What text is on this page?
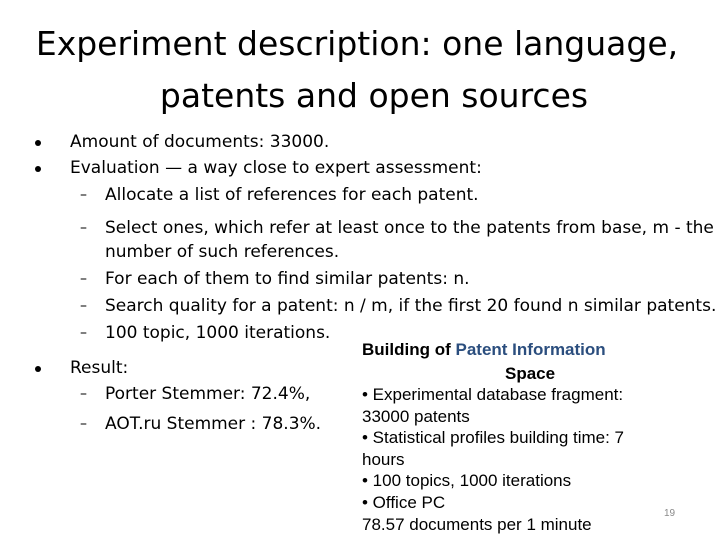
Experiment description: one language,
patents and open sources
Amount of documents: 33000.
Evaluation — a way close to expert assessment:
– Allocate a list of references for each patent.
– Select ones, which refer at least once to the patents from base, m - the
number of such references.
– For each of them to find similar patents: n.
– Search quality for a patent: n / m, if the first 20 found n similar patents.
– 100 topic, 1000 iterations.
Result:
– Porter Stemmer: 72.4%,
– AOT.ru Stemmer : 78.3%.
Building of Patent Information
Space
• Experimental database fragment:
33000 patents
• Statistical profiles building time: 7
hours
• 100 topics, 1000 iterations
• Office PC
78.57 documents per 1 minute
19
